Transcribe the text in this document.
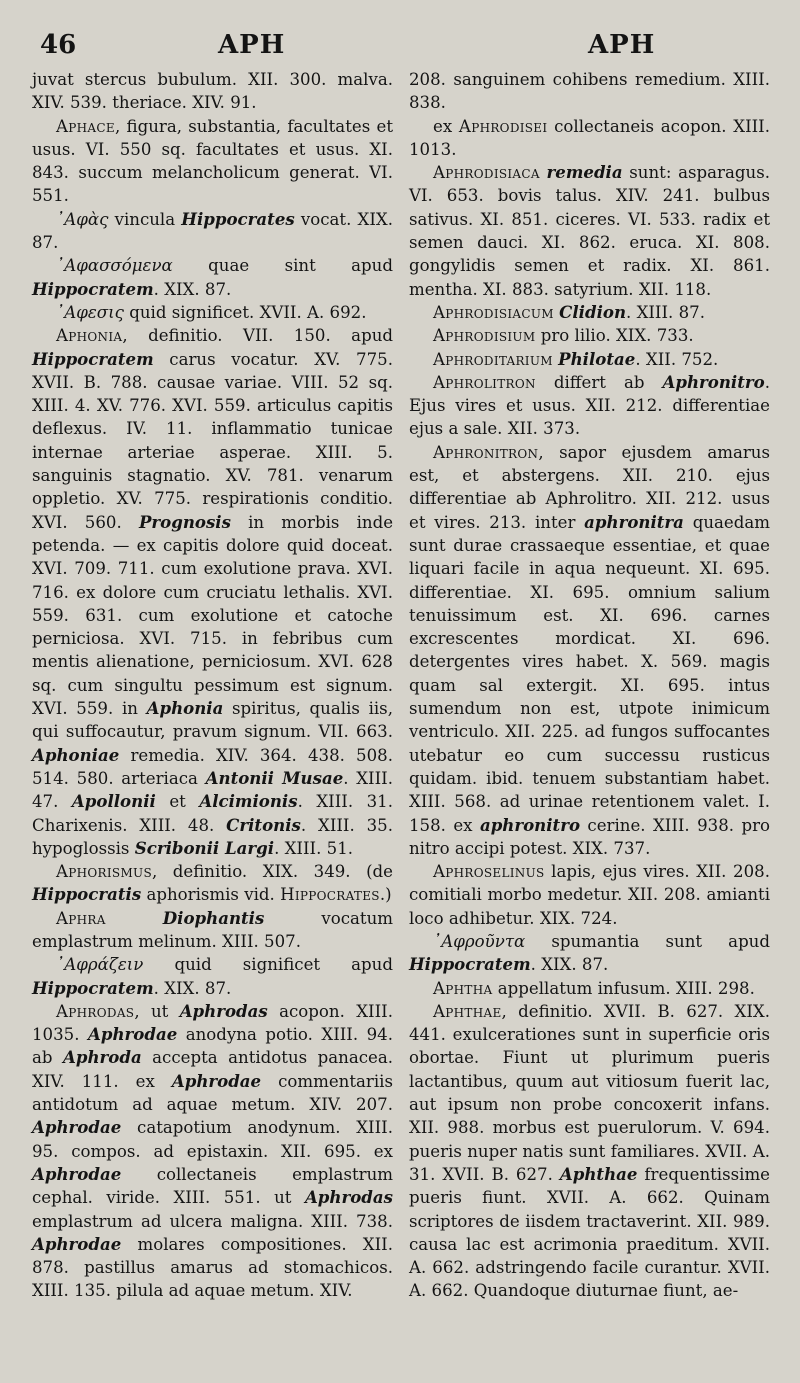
46	APH	APH

juvat stercus bubulum. XII. 300. malva. XIV. 539. theriace. XIV. 91.

Aphace, figura, substantia, facultates et usus. VI. 550 sq. facultates et usus. XI. 843. succum melancholicum generat. VI. 551.

᾽Αφὰς vincula Hippocrates vocat. XIX. 87.

᾽Αφασσόμενα quae sint apud Hippocratem. XIX. 87.

᾽Αφεσις quid significet. XVII. A. 692.

Aphonia, definitio. VII. 150. apud Hippocratem carus vocatur. XV. 775. XVII. B. 788. causae variae. VIII. 52 sq. XIII. 4. XV. 776. XVI. 559. articulus capitis deflexus. IV. 11. inflammatio tunicae internae arteriae asperae. XIII. 5. sanguinis stagnatio. XV. 781. venarum oppletio. XV. 775. respirationis conditio. XVI. 560. Prognosis in morbis inde petenda. — ex capitis dolore quid doceat. XVI. 709. 711. cum exolutione prava. XVI. 716. ex dolore cum cruciatu lethalis. XVI. 559. 631. cum exolutione et catoche perniciosa. XVI. 715. in febribus cum mentis alienatione, perniciosum. XVI. 628 sq. cum singultu pessimum est signum. XVI. 559. in Aphonia spiritus, qualis iis, qui suffocautur, pravum signum. VII. 663. Aphoniae remedia. XIV. 364. 438. 508. 514. 580. arteriaca Antonii Musae. XIII. 47. Apollonii et Alcimionis. XIII. 31. Charixenis. XIII. 48. Critonis. XIII. 35. hypoglossis Scribonii Largi. XIII. 51.

Aphorismus, definitio. XIX. 349. (de Hippocratis aphorismis vid. Hippocrates.)

Aphra	Diophantis vocatum emplastrum melinum. XIII. 507.

᾽Αφράζειν quid significet apud Hippocratem. XIX. 87.

Aphrodas, ut Aphrodas acopon. XIII. 1035. Aphrodae anodyna potio. XIII. 94. ab Aphroda accepta antidotus panacea. XIV. 111. ex Aphrodae commentariis antidotum ad aquae metum. XIV. 207. Aphrodae catapotium anodynum. XIII. 95. compos. ad epistaxin. XII. 695. ex Aphrodae collectaneis emplastrum cephal. viride. XIII. 551. ut Aphrodas emplastrum ad ulcera maligna. XIII. 738. Aphrodae molares compositiones. XII. 878. pastillus amarus ad stomachicos. XIII. 135. pilula ad aquae metum. XIV.

208. sanguinem cohibens remedium. XIII. 838.

ex Aphrodisei collectaneis acopon. XIII. 1013.

Aphrodisiaca remedia sunt: asparagus. VI. 653. bovis talus. XIV. 241. bulbus sativus. XI. 851. ciceres. VI. 533. radix et semen dauci. XI. 862. eruca. XI. 808. gongylidis semen et radix. XI. 861. mentha. XI. 883. satyrium. XII. 118.

Aphrodisiacum Clidion. XIII. 87.

Aphrodisium pro lilio. XIX. 733.

Aphroditarium Philotae. XII. 752.

Aphrolitron differt ab Aphronitro. Ejus vires et usus. XII. 212. differentiae ejus a sale. XII. 373.

Aphronitron, sapor ejusdem amarus est, et abstergens. XII. 210. ejus differentiae ab Aphrolitro. XII. 212. usus et vires. 213. inter aphronitra quaedam sunt durae crassaeque essentiae, et quae liquari facile in aqua nequeunt. XI. 695. differentiae. XI. 695. omnium salium tenuissimum est. XI. 696. carnes excrescentes mordicat. XI. 696. detergentes vires habet. X. 569. magis quam sal extergit. XI. 695. intus sumendum non est, utpote inimicum ventriculo. XII. 225. ad fungos suffocantes utebatur eo cum successu rusticus quidam. ibid. tenuem substantiam habet. XIII. 568. ad urinae retentionem valet. I. 158. ex aphronitro cerine. XIII. 938. pro nitro accipi potest. XIX. 737.

Aphroselinus lapis, ejus vires. XII. 208. comitiali morbo medetur. XII. 208. amianti loco adhibetur. XIX. 724.

᾽Αφροῦντα spumantia sunt apud Hippocratem. XIX. 87.

Aphtha appellatum infusum. XIII. 298.

Aphthae, definitio. XVII. B. 627. XIX. 441. exulcerationes sunt in superficie oris obortae. Fiunt ut plurimum pueris lactantibus, quum aut vitiosum fuerit lac, aut ipsum non probe concoxerit infans. XII. 988. morbus est puerulorum. V. 694. pueris nuper natis sunt familiares. XVII. A. 31. XVII. B. 627. Aphthae frequentissime pueris fiunt. XVII. A. 662. Quinam scriptores de iisdem tractaverint. XII. 989. causa lac est acrimonia praeditum. XVII. A. 662. adstringendo facile curantur. XVII. A. 662. Quandoque diuturnae fiunt, ae-
